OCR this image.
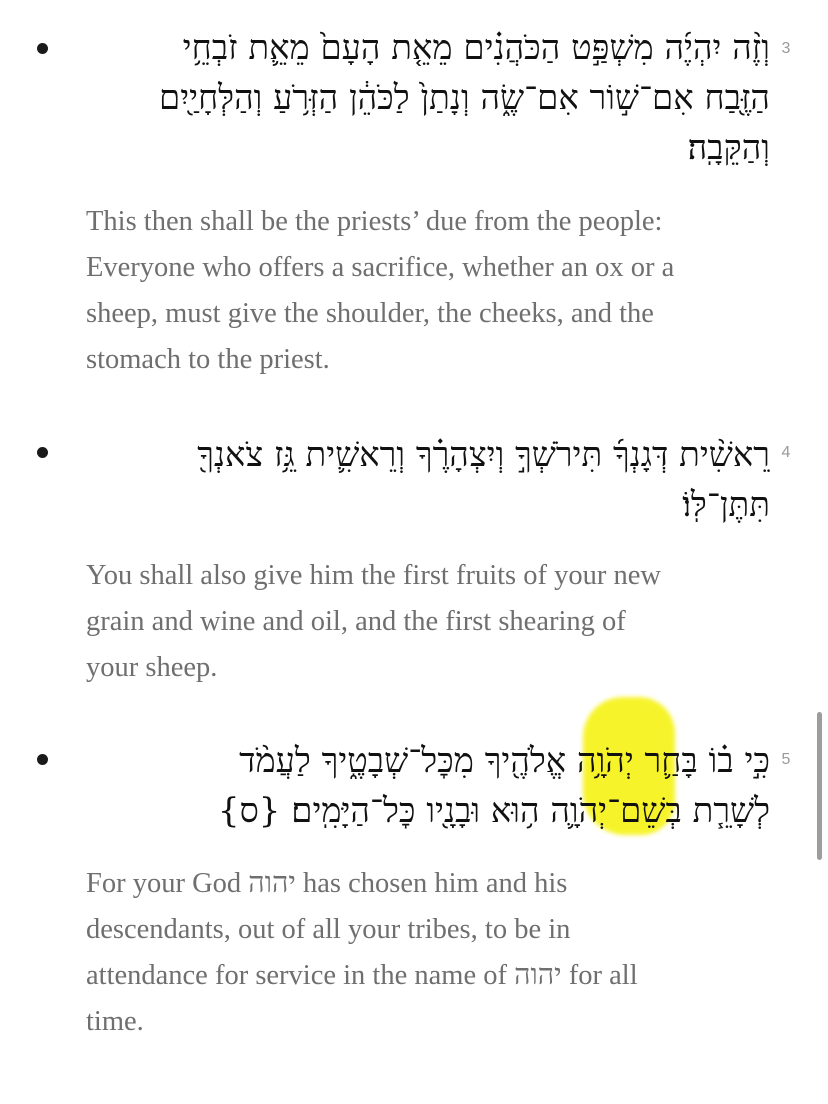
3
וְזֶ֨ה יִהְיֶ֜ה מִשְׁפַּ֣ט הַכֹּהֲנִ֗ים מֵאֵ֤ת הָעָם֙ מֵאֵ֛ת זֹבְחֵ֥י
הַזֶּ֖בַח אִם־שׁ֣וֹר אִם־שֶׂ֑ה וְנָתַן֙ לַכֹּהֵ֔ן הַזְּרֹ֥עַ וְהַלְּחָיַ֖יִם
וְהַקֵּבָֽה׃
This then shall be the priests’ due from the people:
Everyone who offers a sacrifice, whether an ox or a
sheep, must give the shoulder, the cheeks, and the
stomach to the priest.
4
רֵאשִׁ֨ית דְּגָנְךָ֜ תִּירֹשְׁךָ֣ וְיִצְהָרֶ֗ךָ וְרֵאשִׁ֛ית גֵּ֥ז צֹאנְךָ֖
תִּתֶּן־לּֽוֹ׃
You shall also give him the first fruits of your new
grain and wine and oil, and the first shearing of
your sheep.
5
כִּ֣י ב֗וֹ בָּחַ֛ר יְהֹוָ֥ה אֱלֹהֶ֖יךָ מִכׇּל־שְׁבָטֶ֑יךָ לַעֲמֹ֨ד
לְשָׁרֵ֧ת בְּשֵׁם־יְהֹוָ֛ה ה֥וּא וּבָנָ֖יו כׇּל־הַיָּמִֽים׃ {ס}
For your God יהוה has chosen him and his
descendants, out of all your tribes, to be in
attendance for service in the name of יהוה for all
time.
